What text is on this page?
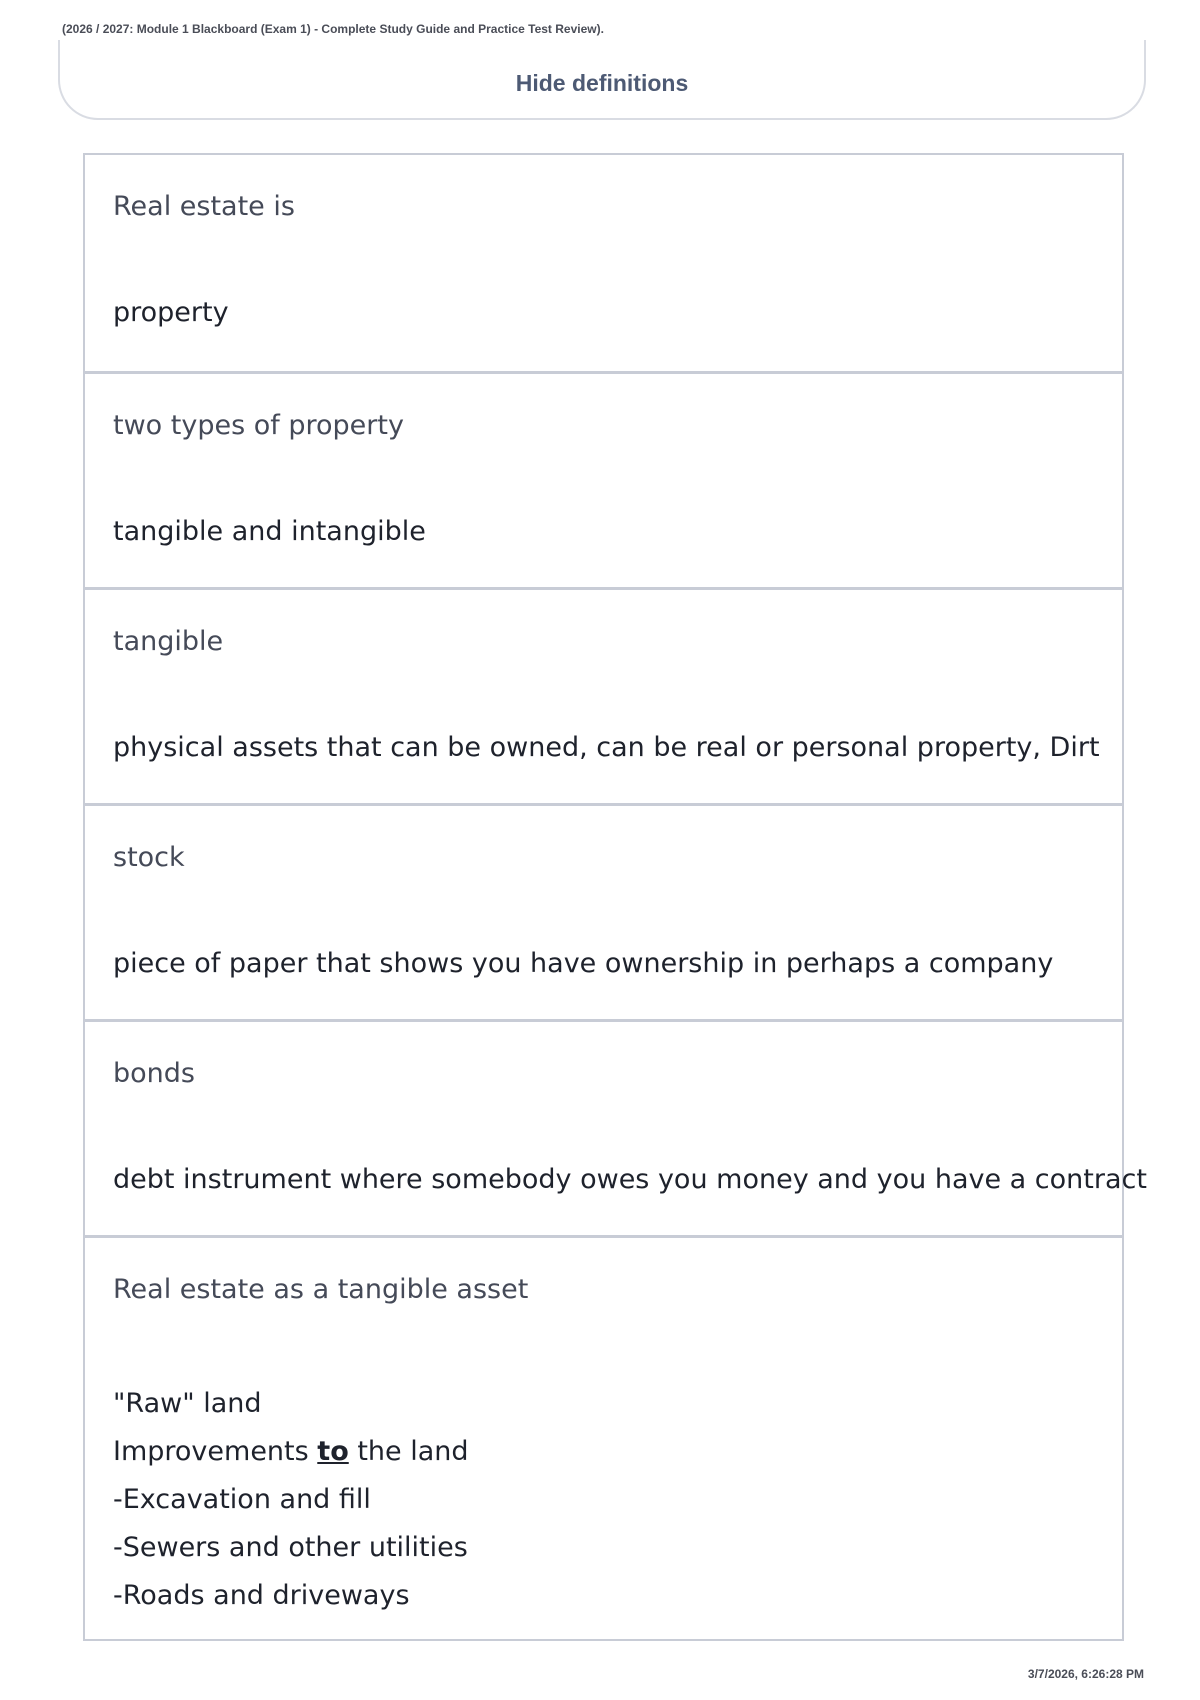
(2026 / 2027: Module 1 Blackboard (Exam 1) - Complete Study Guide and Practice Test Review).
Hide definitions
Real estate is
property
two types of property
tangible and intangible
tangible
physical assets that can be owned, can be real or personal property, Dirt
stock
piece of paper that shows you have ownership in perhaps a company
bonds
debt instrument where somebody owes you money and you have a contract
Real estate as a tangible asset
"Raw" land
Improvements to the land
-Excavation and fill
-Sewers and other utilities
-Roads and driveways
3/7/2026, 6:26:28 PM
